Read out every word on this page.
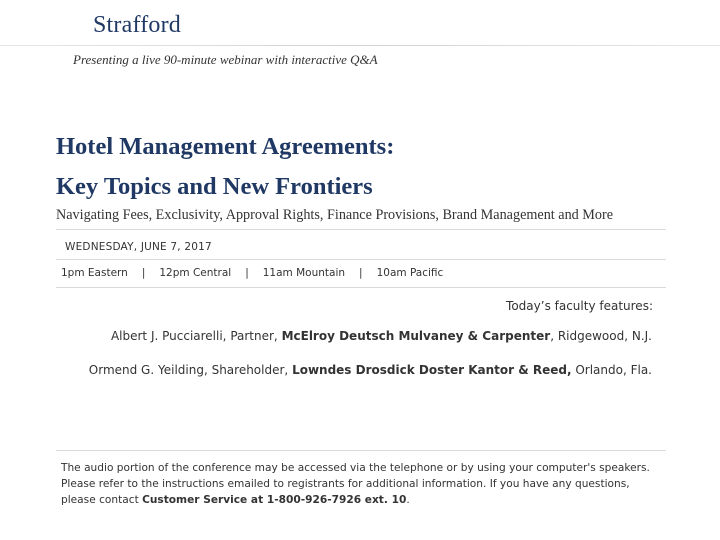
Strafford
Presenting a live 90-minute webinar with interactive Q&A
Hotel Management Agreements:
Key Topics and New Frontiers
Navigating Fees, Exclusivity, Approval Rights, Finance Provisions, Brand Management and More
WEDNESDAY, JUNE 7, 2017
1pm Eastern | 12pm Central | 11am Mountain | 10am Pacific
Today’s faculty features:
Albert J. Pucciarelli, Partner, McElroy Deutsch Mulvaney & Carpenter, Ridgewood, N.J.
Ormend G. Yeilding, Shareholder, Lowndes Drosdick Doster Kantor & Reed, Orlando, Fla.
The audio portion of the conference may be accessed via the telephone or by using your computer's speakers. Please refer to the instructions emailed to registrants for additional information. If you have any questions, please contact Customer Service at 1-800-926-7926 ext. 10.
